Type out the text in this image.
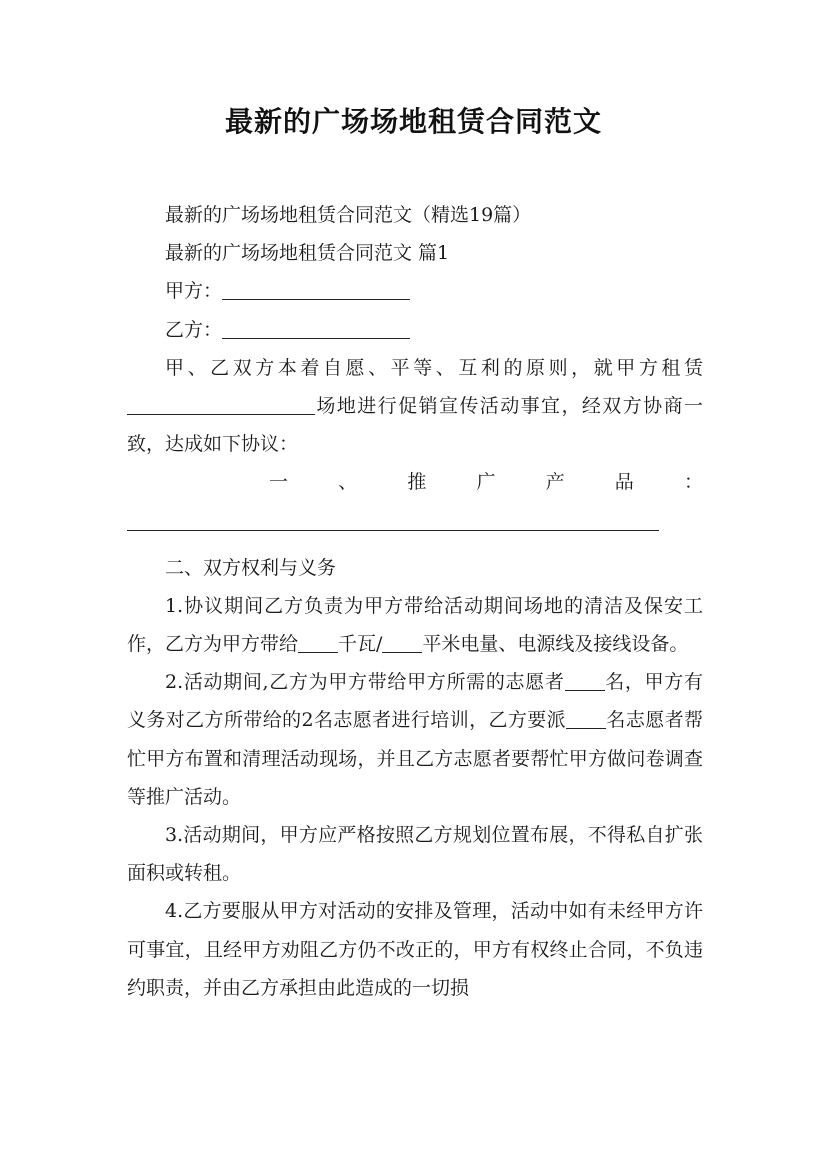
最新的广场场地租赁合同范文

最新的广场场地租赁合同范文（精选19篇）

最新的广场场地租赁合同范文 篇1

甲方：

乙方：

甲、乙双方本着自愿、平等、互利的原则，就甲方租赁场地进行促销宣传活动事宜，经双方协商一致，达成如下协议：

一	、	推	广	产	品	：

二、双方权利与义务

1.协议期间乙方负责为甲方带给活动期间场地的清洁及保安工作，乙方为甲方带给 千瓦/ 平米电量、电源线及接线设备。

2.活动期间,乙方为甲方带给甲方所需的志愿者 名，甲方有义务对乙方所带给的2名志愿者进行培训，乙方要派 名志愿者帮忙甲方布置和清理活动现场，并且乙方志愿者要帮忙甲方做问卷调查等推广活动。

3.活动期间，甲方应严格按照乙方规划位置布展，不得私自扩张面积或转租。

4.乙方要服从甲方对活动的安排及管理，活动中如有未经甲方许可事宜，且经甲方劝阻乙方仍不改正的，甲方有权终止合同，不负违约职责，并由乙方承担由此造成的一切损
